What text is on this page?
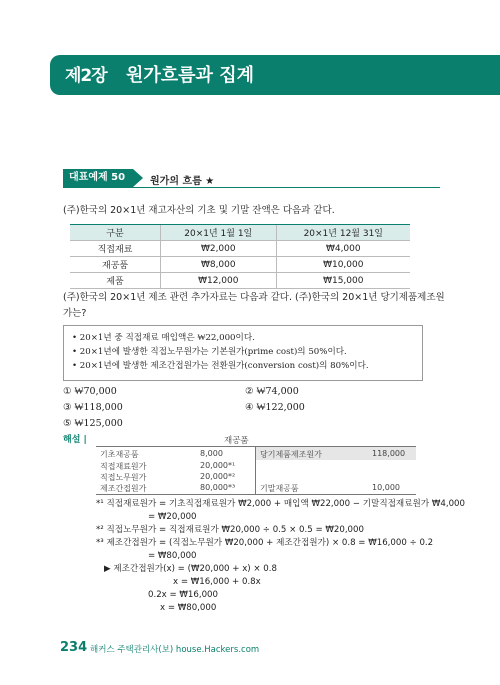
제2장 원가흐름과 집계
대표예제 50	원가의 흐름 ★
(주)한국의 20×1년 재고자산의 기초 및 기말 잔액은 다음과 같다.
구분	20×1년 1월 1일	20×1년 12월 31일
직접재료	₩2,000	₩4,000
재공품	₩8,000	₩10,000
제품	₩12,000	₩15,000
(주)한국의 20×1년 제조 관련 추가자료는 다음과 같다. (주)한국의 20×1년 당기제품제조원
가는?
• 20×1년 중 직접재료 매입액은 ₩22,000이다.
• 20×1년에 발생한 직접노무원가는 기본원가(prime cost)의 50%이다.
• 20×1년에 발생한 제조간접원가는 전환원가(conversion cost)의 80%이다.
① ₩70,000	② ₩74,000
③ ₩118,000	④ ₩122,000
⑤ ₩125,000
해설 |	재공품
기초재공품	8,000
직접재료원가	20,000*¹
직접노무원가	20,000*²
제조간접원가	80,000*³
당기제품제조원가	118,000
기말재공품	10,000
*¹ 직접재료원가 = 기초직접재료원가 ₩2,000 + 매입액 ₩22,000 − 기말직접재료원가 ₩4,000
= ₩20,000
*² 직접노무원가 = 직접재료원가 ₩20,000 ÷ 0.5 × 0.5 = ₩20,000
*³ 제조간접원가 = (직접노무원가 ₩20,000 + 제조간접원가) × 0.8 = ₩16,000 ÷ 0.2
= ₩80,000
▶ 제조간접원가(x) = (₩20,000 + x) × 0.8
x = ₩16,000 + 0.8x
0.2x = ₩16,000
x = ₩80,000
234 해커스 주택관리사(보) house.Hackers.com
